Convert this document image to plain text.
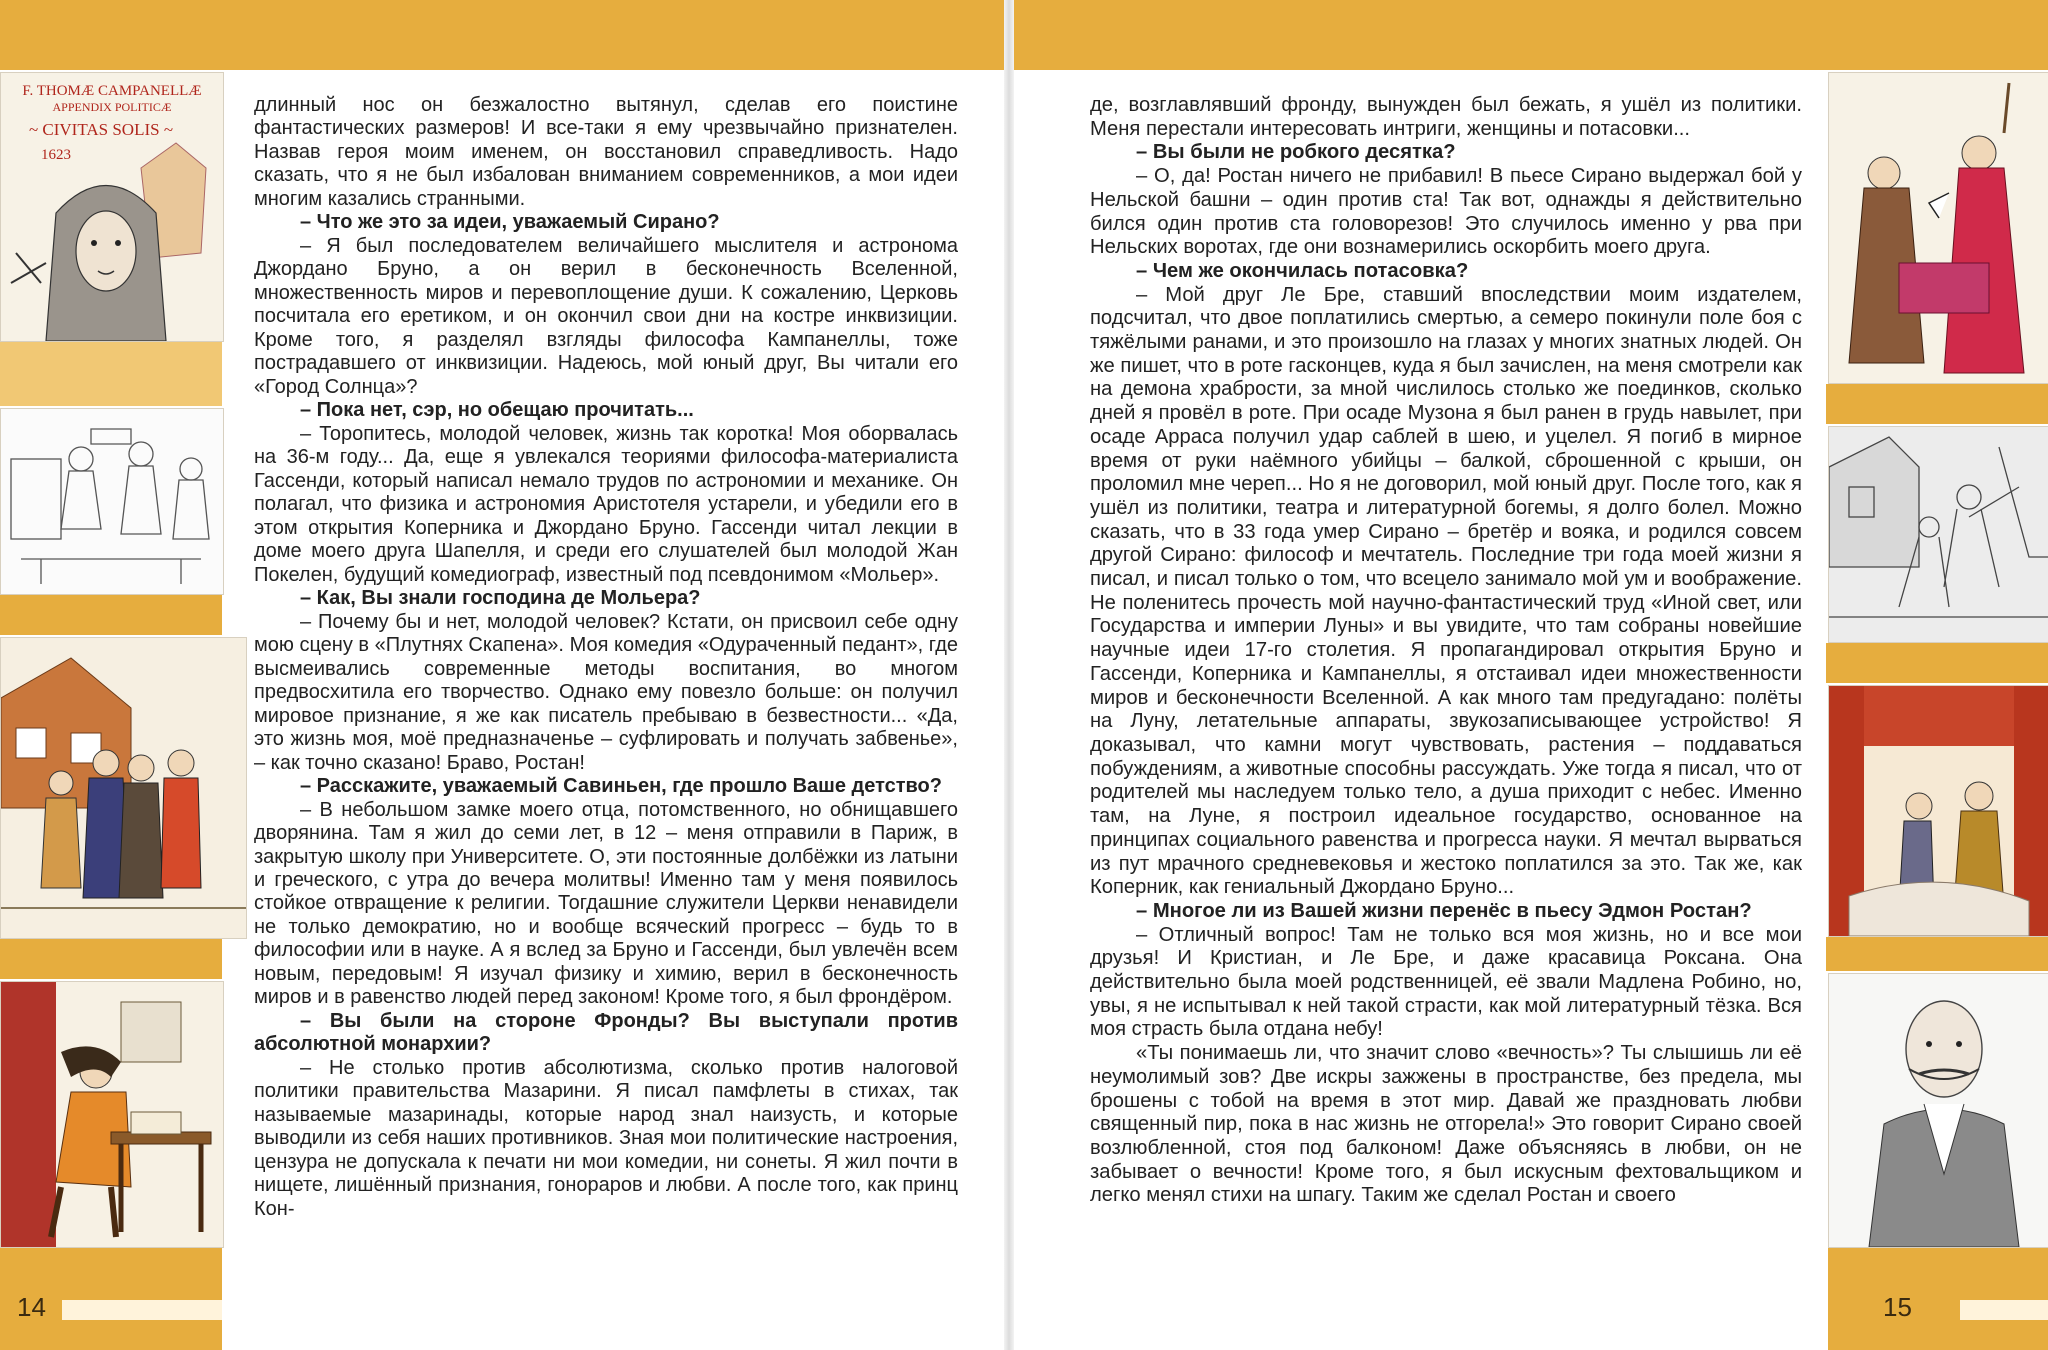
F. THOMÆ CAMPANELLÆ
APPENDIX POLITICÆ
~ CIVITAS SOLIS ~
1623

длинный нос он безжалостно вытянул, сделав его поистине фантастических размеров! И все-таки я ему чрезвычайно признателен. Назвав героя моим именем, он восстановил справедливость. Надо сказать, что я не был избалован вниманием современников, а мои идеи многим казались странными.

– Что же это за идеи, уважаемый Сирано?

– Я был последователем величайшего мыслителя и астронома Джордано Бруно, а он верил в бесконечность Вселенной, множественность миров и перевоплощение души. К сожалению, Церковь посчитала его еретиком, и он окончил свои дни на костре инквизиции. Кроме того, я разделял взгляды философа Кампанеллы, тоже пострадавшего от инквизиции. Надеюсь, мой юный друг, Вы читали его «Город Солнца»?

– Пока нет, сэр, но обещаю прочитать...

– Торопитесь, молодой человек, жизнь так коротка! Моя оборвалась на 36-м году... Да, еще я увлекался теориями философа-материалиста Гассенди, который написал немало трудов по астрономии и механике. Он полагал, что физика и астрономия Аристотеля устарели, и убедили его в этом открытия Коперника и Джордано Бруно. Гассенди читал лекции в доме моего друга Шапелля, и среди его слушателей был молодой Жан Покелен, будущий комедиограф, известный под псевдонимом «Мольер».

– Как, Вы знали господина де Мольера?

– Почему бы и нет, молодой человек? Кстати, он присвоил себе одну мою сцену в «Плутнях Скапена». Моя комедия «Одураченный педант», где высмеивались современные методы воспитания, во многом предвосхитила его творчество. Однако ему повезло больше: он получил мировое признание, я же как писатель пребываю в безвестности... «Да, это жизнь моя, моё предназначенье – суфлировать и получать забвенье», – как точно сказано! Браво, Ростан!

– Расскажите, уважаемый Савиньен, где прошло Ваше детство?

– В небольшом замке моего отца, потомственного, но обнищавшего дворянина. Там я жил до семи лет, в 12 – меня отправили в Париж, в закрытую школу при Университете. О, эти постоянные долбёжки из латыни и греческого, с утра до вечера молитвы! Именно там у меня появилось стойкое отвращение к религии. Тогдашние служители Церкви ненавидели не только демократию, но и вообще всяческий прогресс – будь то в философии или в науке. А я вслед за Бруно и Гассенди, был увлечён всем новым, передовым! Я изучал физику и химию, верил в бесконечность миров и в равенство людей перед законом! Кроме того, я был фрондёром.

– Вы были на стороне Фронды? Вы выступали против абсолютной монархии?

– Не столько против абсолютизма, сколько против налоговой политики правительства Мазарини. Я писал памфлеты в стихах, так называемые мазаринады, которые народ знал наизусть, и которые выводили из себя наших противников. Зная мои политические настроения, цензура не допускала к печати ни мои комедии, ни сонеты. Я жил почти в нищете, лишённый признания, гонораров и любви. А после того, как принц Кон-

де, возглавлявший фронду, вынужден был бежать, я ушёл из политики. Меня перестали интересовать интриги, женщины и потасовки...

– Вы были не робкого десятка?

– О, да! Ростан ничего не прибавил! В пьесе Сирано выдержал бой у Нельской башни – один против ста! Так вот, однажды я действительно бился один против ста головорезов! Это случилось именно у рва при Нельских воротах, где они вознамерились оскорбить моего друга.

– Чем же окончилась потасовка?

– Мой друг Ле Бре, ставший впоследствии моим издателем, подсчитал, что двое поплатились смертью, а семеро покинули поле боя с тяжёлыми ранами, и это произошло на глазах у многих знатных людей. Он же пишет, что в роте гасконцев, куда я был зачислен, на меня смотрели как на демона храбрости, за мной числилось столько же поединков, сколько дней я провёл в роте. При осаде Музона я был ранен в грудь навылет, при осаде Арраса получил удар саблей в шею, и уцелел. Я погиб в мирное время от руки наёмного убийцы – балкой, сброшенной с крыши, он проломил мне череп... Но я не договорил, мой юный друг. После того, как я ушёл из политики, театра и литературной богемы, я долго болел. Можно сказать, что в 33 года умер Сирано – бретёр и вояка, и родился совсем другой Сирано: философ и мечтатель. Последние три года моей жизни я писал, и писал только о том, что всецело занимало мой ум и воображение. Не поленитесь прочесть мой научно-фантастический труд «Иной свет, или Государства и империи Луны» и вы увидите, что там собраны новейшие научные идеи 17-го столетия. Я пропагандировал открытия Бруно и Гассенди, Коперника и Кампанеллы, я отстаивал идеи множественности миров и бесконечности Вселенной. А как много там предугадано: полёты на Луну, летательные аппараты, звукозаписывающее устройство! Я доказывал, что камни могут чувствовать, растения – поддаваться побуждениям, а животные способны рассуждать. Уже тогда я писал, что от родителей мы наследуем только тело, а душа приходит с небес. Именно там, на Луне, я построил идеальное государство, основанное на принципах социального равенства и прогресса науки. Я мечтал вырваться из пут мрачного средневековья и жестоко поплатился за это. Так же, как Коперник, как гениальный Джордано Бруно...

– Многое ли из Вашей жизни перенёс в пьесу Эдмон Ростан?

– Отличный вопрос! Там не только вся моя жизнь, но и все мои друзья! И Кристиан, и Ле Бре, и даже красавица Роксана. Она действительно была моей родственницей, её звали Мадлена Робино, но, увы, я не испытывал к ней такой страсти, как мой литературный тёзка. Вся моя страсть была отдана небу!

«Ты понимаешь ли, что значит слово «вечность»? Ты слышишь ли её неумолимый зов? Две искры зажжены в пространстве, без предела, мы брошены с тобой на время в этот мир. Давай же праздновать любви священный пир, пока в нас жизнь не отгорела!» Это говорит Сирано своей возлюбленной, стоя под балконом! Даже объясняясь в любви, он не забывает о вечности! Кроме того, я был искусным фехтовальщиком и легко менял стихи на шпагу. Таким же сделал Ростан и своего

14	15
